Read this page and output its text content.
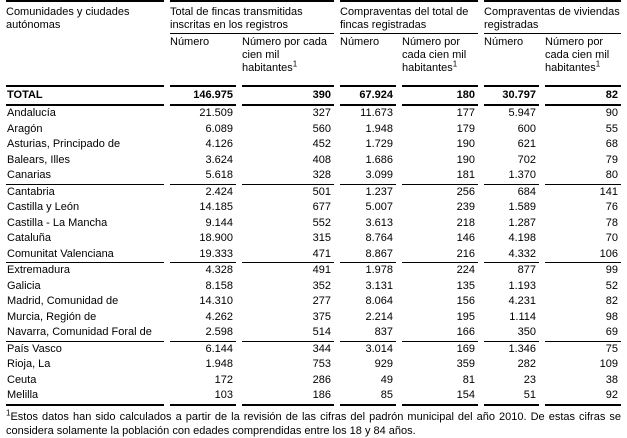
Comunidades y ciudades autónomas	Total de fincas transmitidas inscritas en los registros		Compraventas del total de fincas registradas		Compraventas de viviendas registradas	
	Número	Número por cada cien mil habitantes$^1$	Número	Número por cada cien mil habitantes$^1$	Número	Número por cada cien mil habitantes$^1$
TOTAL	146.975	390	67.924	180	30.797	82
Andalucía	21.509	327	11.673	177	5.947	90
Aragón	6.089	560	1.948	179	600	55
Asturias, Principado de	4.126	452	1.729	190	621	68
Balears, Illes	3.624	408	1.686	190	702	79
Canarias	5.618	328	3.099	181	1.370	80
Cantabria	2.424	501	1.237	256	684	141
Castilla y León	14.185	677	5.007	239	1.589	76
Castilla - La Mancha	9.144	552	3.613	218	1.287	78
Cataluña	18.900	315	8.764	146	4.198	70
Comunitat Valenciana	19.333	471	8.867	216	4.332	106
Extremadura	4.328	491	1.978	224	877	99
Galicia	8.158	352	3.131	135	1.193	52
Madrid, Comunidad de	14.310	277	8.064	156	4.231	82
Murcia, Región de	4.262	375	2.214	195	1.114	98
Navarra, Comunidad Foral de	2.598	514	837	166	350	69
País Vasco	6.144	344	3.014	169	1.346	75
Rioja, La	1.948	753	929	359	282	109
Ceuta	172	286	49	81	23	38
Melilla	103	186	85	154	51	92
$^1$Estos datos han sido calculados a partir de la revisión de las cifras del padrón municipal del año 2010. De estas cifras se considera solamente la población con edades comprendidas entre los 18 y 84 años.
